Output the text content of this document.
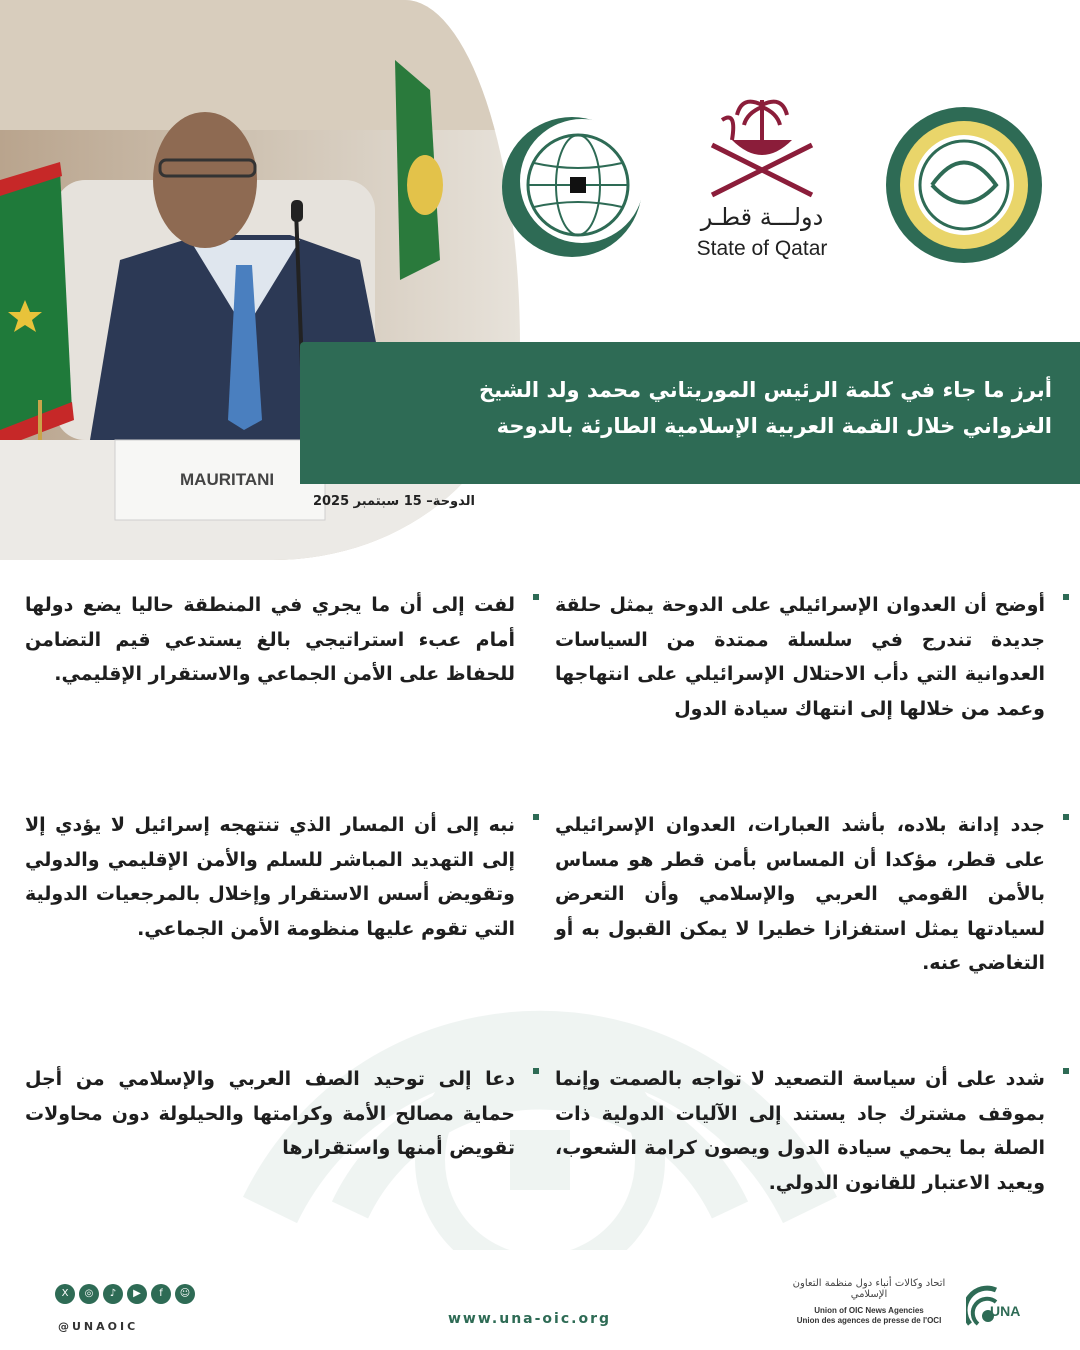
MAURITANI
دولـــة قطـر
State of Qatar
أبرز ما جاء في كلمة الرئيس الموريتاني محمد ولد الشيخ
الغزواني خلال القمة العربية الإسلامية الطارئة بالدوحة
الدوحة– 15 سبتمبر 2025
أوضح أن العدوان الإسرائيلي على الدوحة يمثل حلقة جديدة تندرج في سلسلة ممتدة من السياسات العدوانية التي دأب الاحتلال الإسرائيلي على انتهاجها وعمد من خلالها إلى انتهاك سيادة الدول
جدد إدانة بلاده، بأشد العبارات، العدوان الإسرائيلي على قطر، مؤكدا أن المساس بأمن قطر هو مساس بالأمن القومي العربي والإسلامي وأن التعرض لسيادتها يمثل استفزازا خطيرا لا يمكن القبول به أو التغاضي عنه.
شدد على أن سياسة التصعيد لا تواجه بالصمت وإنما بموقف مشترك جاد يستند إلى الآليات الدولية ذات الصلة بما يحمي سيادة الدول ويصون كرامة الشعوب، ويعيد الاعتبار للقانون الدولي.
لفت إلى أن ما يجري في المنطقة حاليا يضع دولها أمام عبء استراتيجي بالغ يستدعي قيم التضامن للحفاظ على الأمن الجماعي والاستقرار الإقليمي.
نبه إلى أن المسار الذي تنتهجه إسرائيل لا يؤدي إلا إلى التهديد المباشر للسلم والأمن الإقليمي والدولي وتقويض أسس الاستقرار وإخلال بالمرجعيات الدولية التي تقوم عليها منظومة الأمن الجماعي.
دعا إلى توحيد الصف العربي والإسلامي من أجل حماية مصالح الأمة وكرامتها والحيلولة دون محاولات تقويض أمنها واستقرارها
X	◎	♪	▶	f	☺
@UNAOIC	www.una-oic.org
اتحاد وكالات أنباء دول منظمة التعاون الإسلامي
Union of OIC News Agencies
Union des agences de presse de l'OCI
UNA
